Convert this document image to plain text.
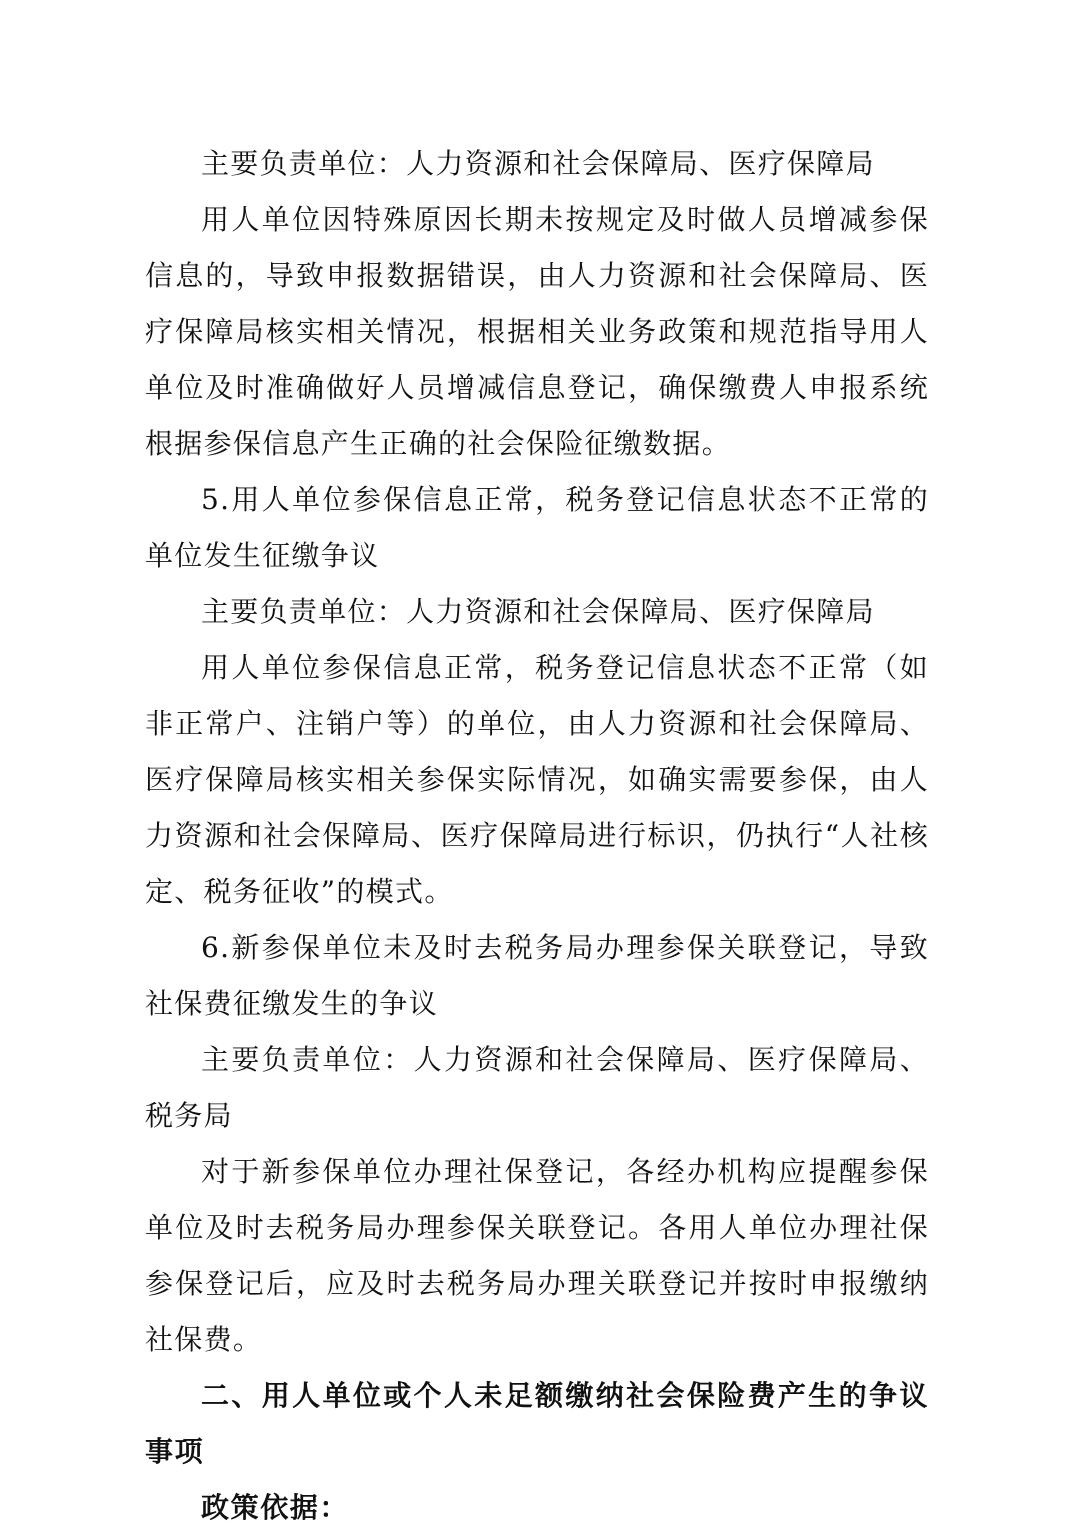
主要负责单位：人力资源和社会保障局、医疗保障局

用人单位因特殊原因长期未按规定及时做人员增减参保信息的，导致申报数据错误，由人力资源和社会保障局、医疗保障局核实相关情况，根据相关业务政策和规范指导用人单位及时准确做好人员增减信息登记，确保缴费人申报系统根据参保信息产生正确的社会保险征缴数据。

5.用人单位参保信息正常，税务登记信息状态不正常的单位发生征缴争议

主要负责单位：人力资源和社会保障局、医疗保障局

用人单位参保信息正常，税务登记信息状态不正常（如非正常户、注销户等）的单位，由人力资源和社会保障局、医疗保障局核实相关参保实际情况，如确实需要参保，由人力资源和社会保障局、医疗保障局进行标识，仍执行“人社核定、税务征收”的模式。

6.新参保单位未及时去税务局办理参保关联登记，导致社保费征缴发生的争议

主要负责单位：人力资源和社会保障局、医疗保障局、税务局

对于新参保单位办理社保登记，各经办机构应提醒参保单位及时去税务局办理参保关联登记。各用人单位办理社保参保登记后，应及时去税务局办理关联登记并按时申报缴纳社保费。

二、用人单位或个人未足额缴纳社会保险费产生的争议事项

政策依据：
